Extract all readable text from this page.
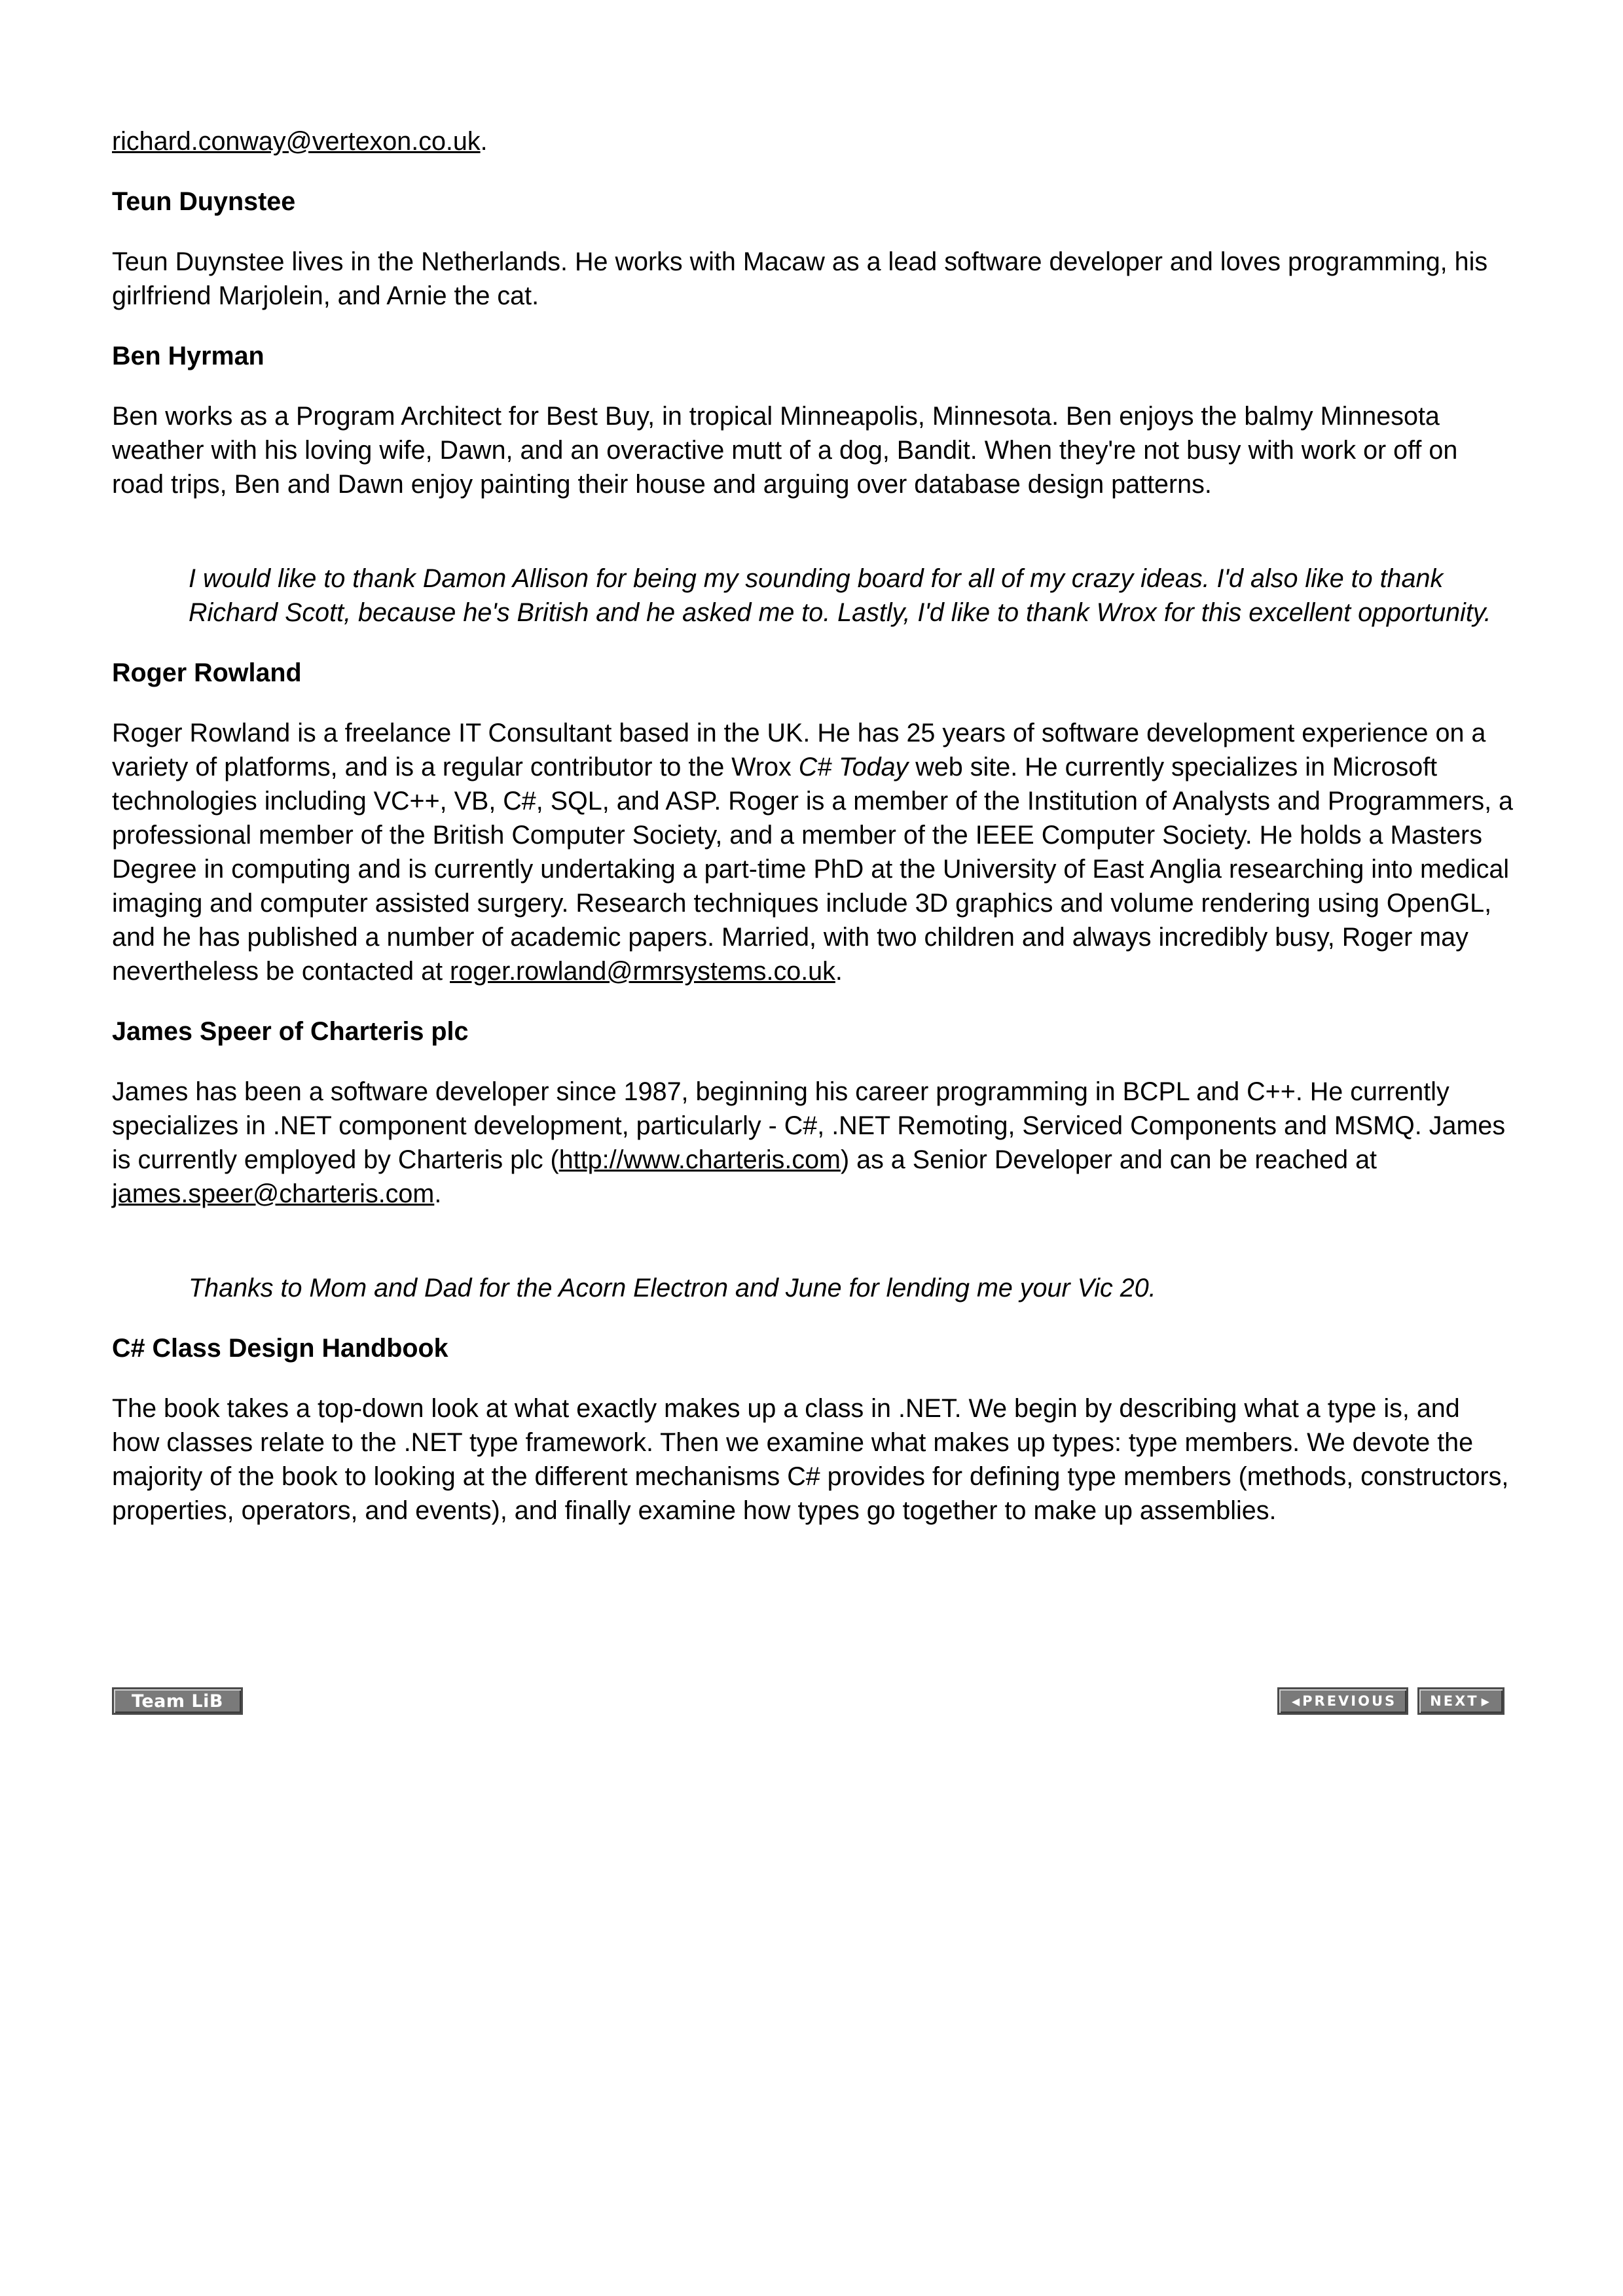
richard.conway@vertexon.co.uk.

Teun Duynstee

Teun Duynstee lives in the Netherlands. He works with Macaw as a lead software developer and loves programming, his girlfriend Marjolein, and Arnie the cat.

Ben Hyrman

Ben works as a Program Architect for Best Buy, in tropical Minneapolis, Minnesota. Ben enjoys the balmy Minnesota weather with his loving wife, Dawn, and an overactive mutt of a dog, Bandit. When they're not busy with work or off on road trips, Ben and Dawn enjoy painting their house and arguing over database design patterns.

I would like to thank Damon Allison for being my sounding board for all of my crazy ideas. I'd also like to thank Richard Scott, because he's British and he asked me to. Lastly, I'd like to thank Wrox for this excellent opportunity.

Roger Rowland

Roger Rowland is a freelance IT Consultant based in the UK. He has 25 years of software development experience on a variety of platforms, and is a regular contributor to the Wrox C# Today web site. He currently specializes in Microsoft technologies including VC++, VB, C#, SQL, and ASP. Roger is a member of the Institution of Analysts and Programmers, a professional member of the British Computer Society, and a member of the IEEE Computer Society. He holds a Masters Degree in computing and is currently undertaking a part-time PhD at the University of East Anglia researching into medical imaging and computer assisted surgery. Research techniques include 3D graphics and volume rendering using OpenGL, and he has published a number of academic papers. Married, with two children and always incredibly busy, Roger may nevertheless be contacted at roger.rowland@rmrsystems.co.uk.

James Speer of Charteris plc

James has been a software developer since 1987, beginning his career programming in BCPL and C++. He currently specializes in .NET component development, particularly - C#, .NET Remoting, Serviced Components and MSMQ. James is currently employed by Charteris plc (http://www.charteris.com) as a Senior Developer and can be reached at james.speer@charteris.com.

Thanks to Mom and Dad for the Acorn Electron and June for lending me your Vic 20.

C# Class Design Handbook

The book takes a top-down look at what exactly makes up a class in .NET. We begin by describing what a type is, and how classes relate to the .NET type framework. Then we examine what makes up types: type members. We devote the majority of the book to looking at the different mechanisms C# provides for defining type members (methods, constructors, properties, operators, and events), and finally examine how types go together to make up assemblies.

Team LiB	◀ PREVIOUS NEXT ▶
